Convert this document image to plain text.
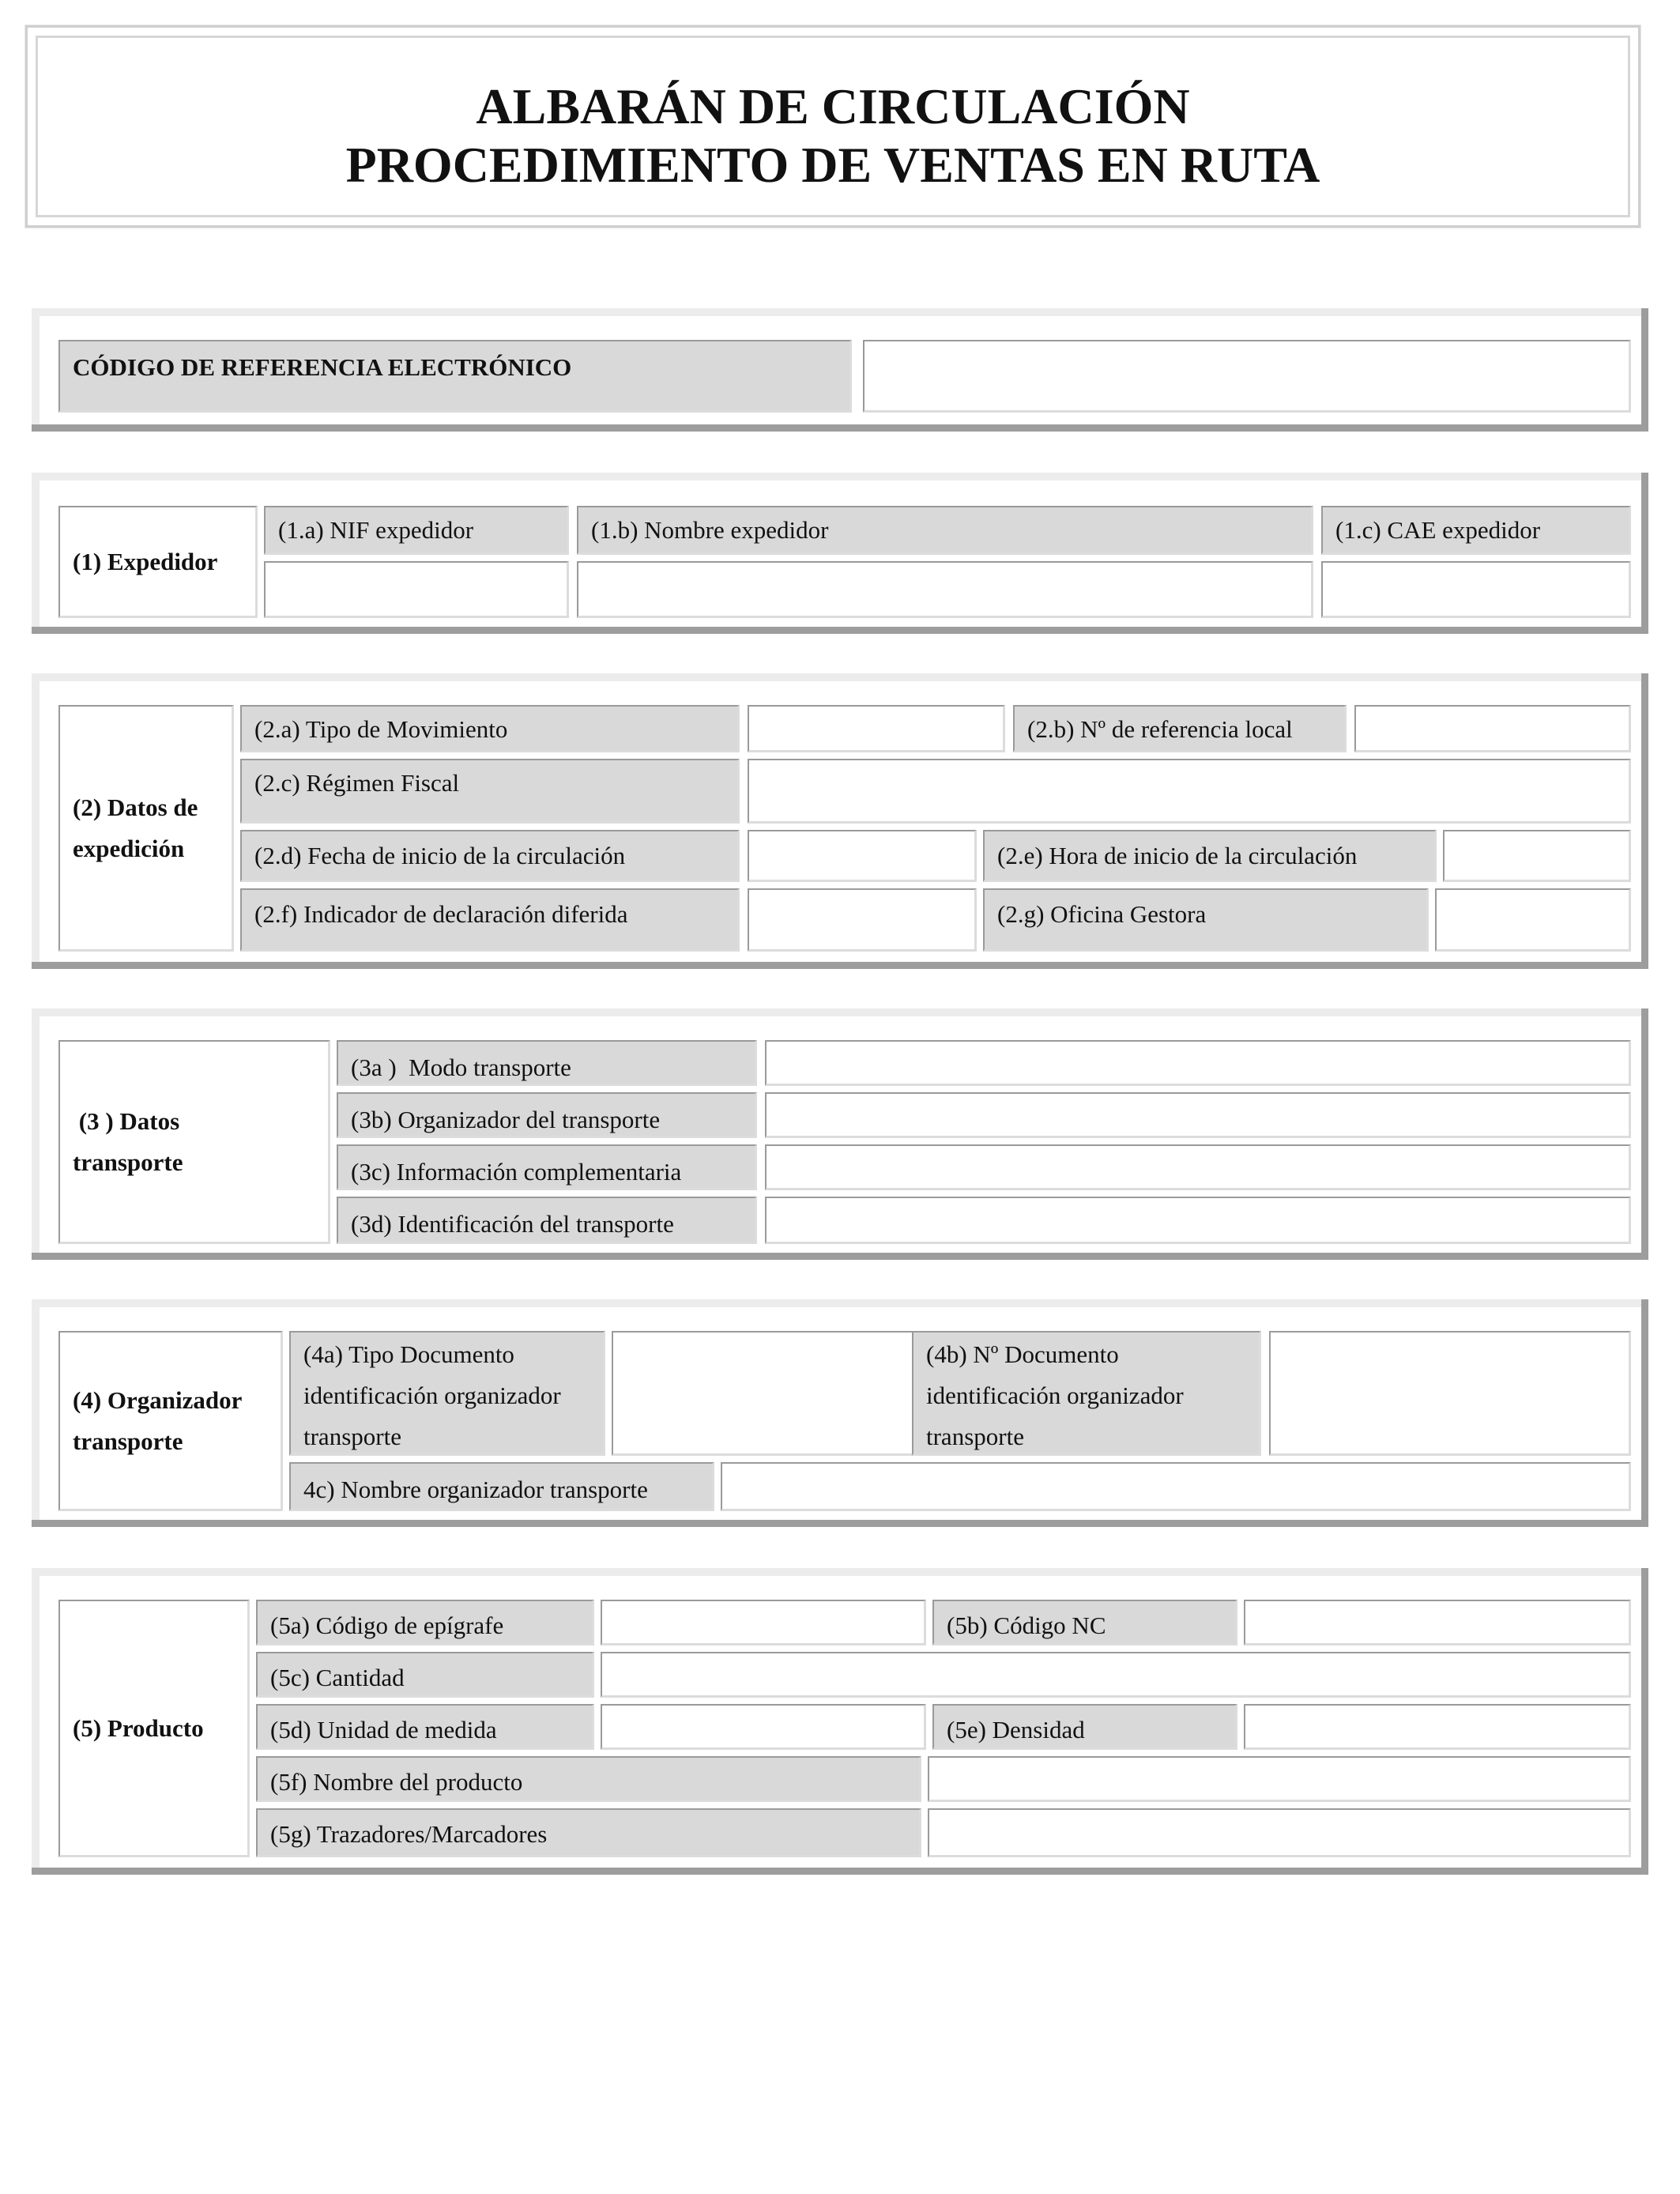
ALBARÁN DE CIRCULACIÓN
PROCEDIMIENTO DE VENTAS EN RUTA
CÓDIGO DE REFERENCIA ELECTRÓNICO
(1) Expedidor
(1.a) NIF expedidor	(1.b) Nombre expedidor	(1.c) CAE expedidor
(2) Datos de
expedición
(2.a) Tipo de Movimiento	(2.b) Nº de referencia local
(2.c) Régimen Fiscal
(2.d) Fecha de inicio de la circulación	(2.e) Hora de inicio de la circulación
(2.f) Indicador de declaración diferida	(2.g) Oficina Gestora
(3 ) Datos
transporte
(3a )  Modo transporte
(3b) Organizador del transporte
(3c) Información complementaria
(3d) Identificación del transporte
(4) Organizador
transporte
(4a) Tipo Documento
identificación organizador
transporte
(4b) Nº Documento
identificación organizador
transporte
4c) Nombre organizador transporte
(5) Producto
(5a) Código de epígrafe	(5b) Código NC
(5c) Cantidad
(5d) Unidad de medida	(5e) Densidad
(5f) Nombre del producto
(5g) Trazadores/Marcadores
